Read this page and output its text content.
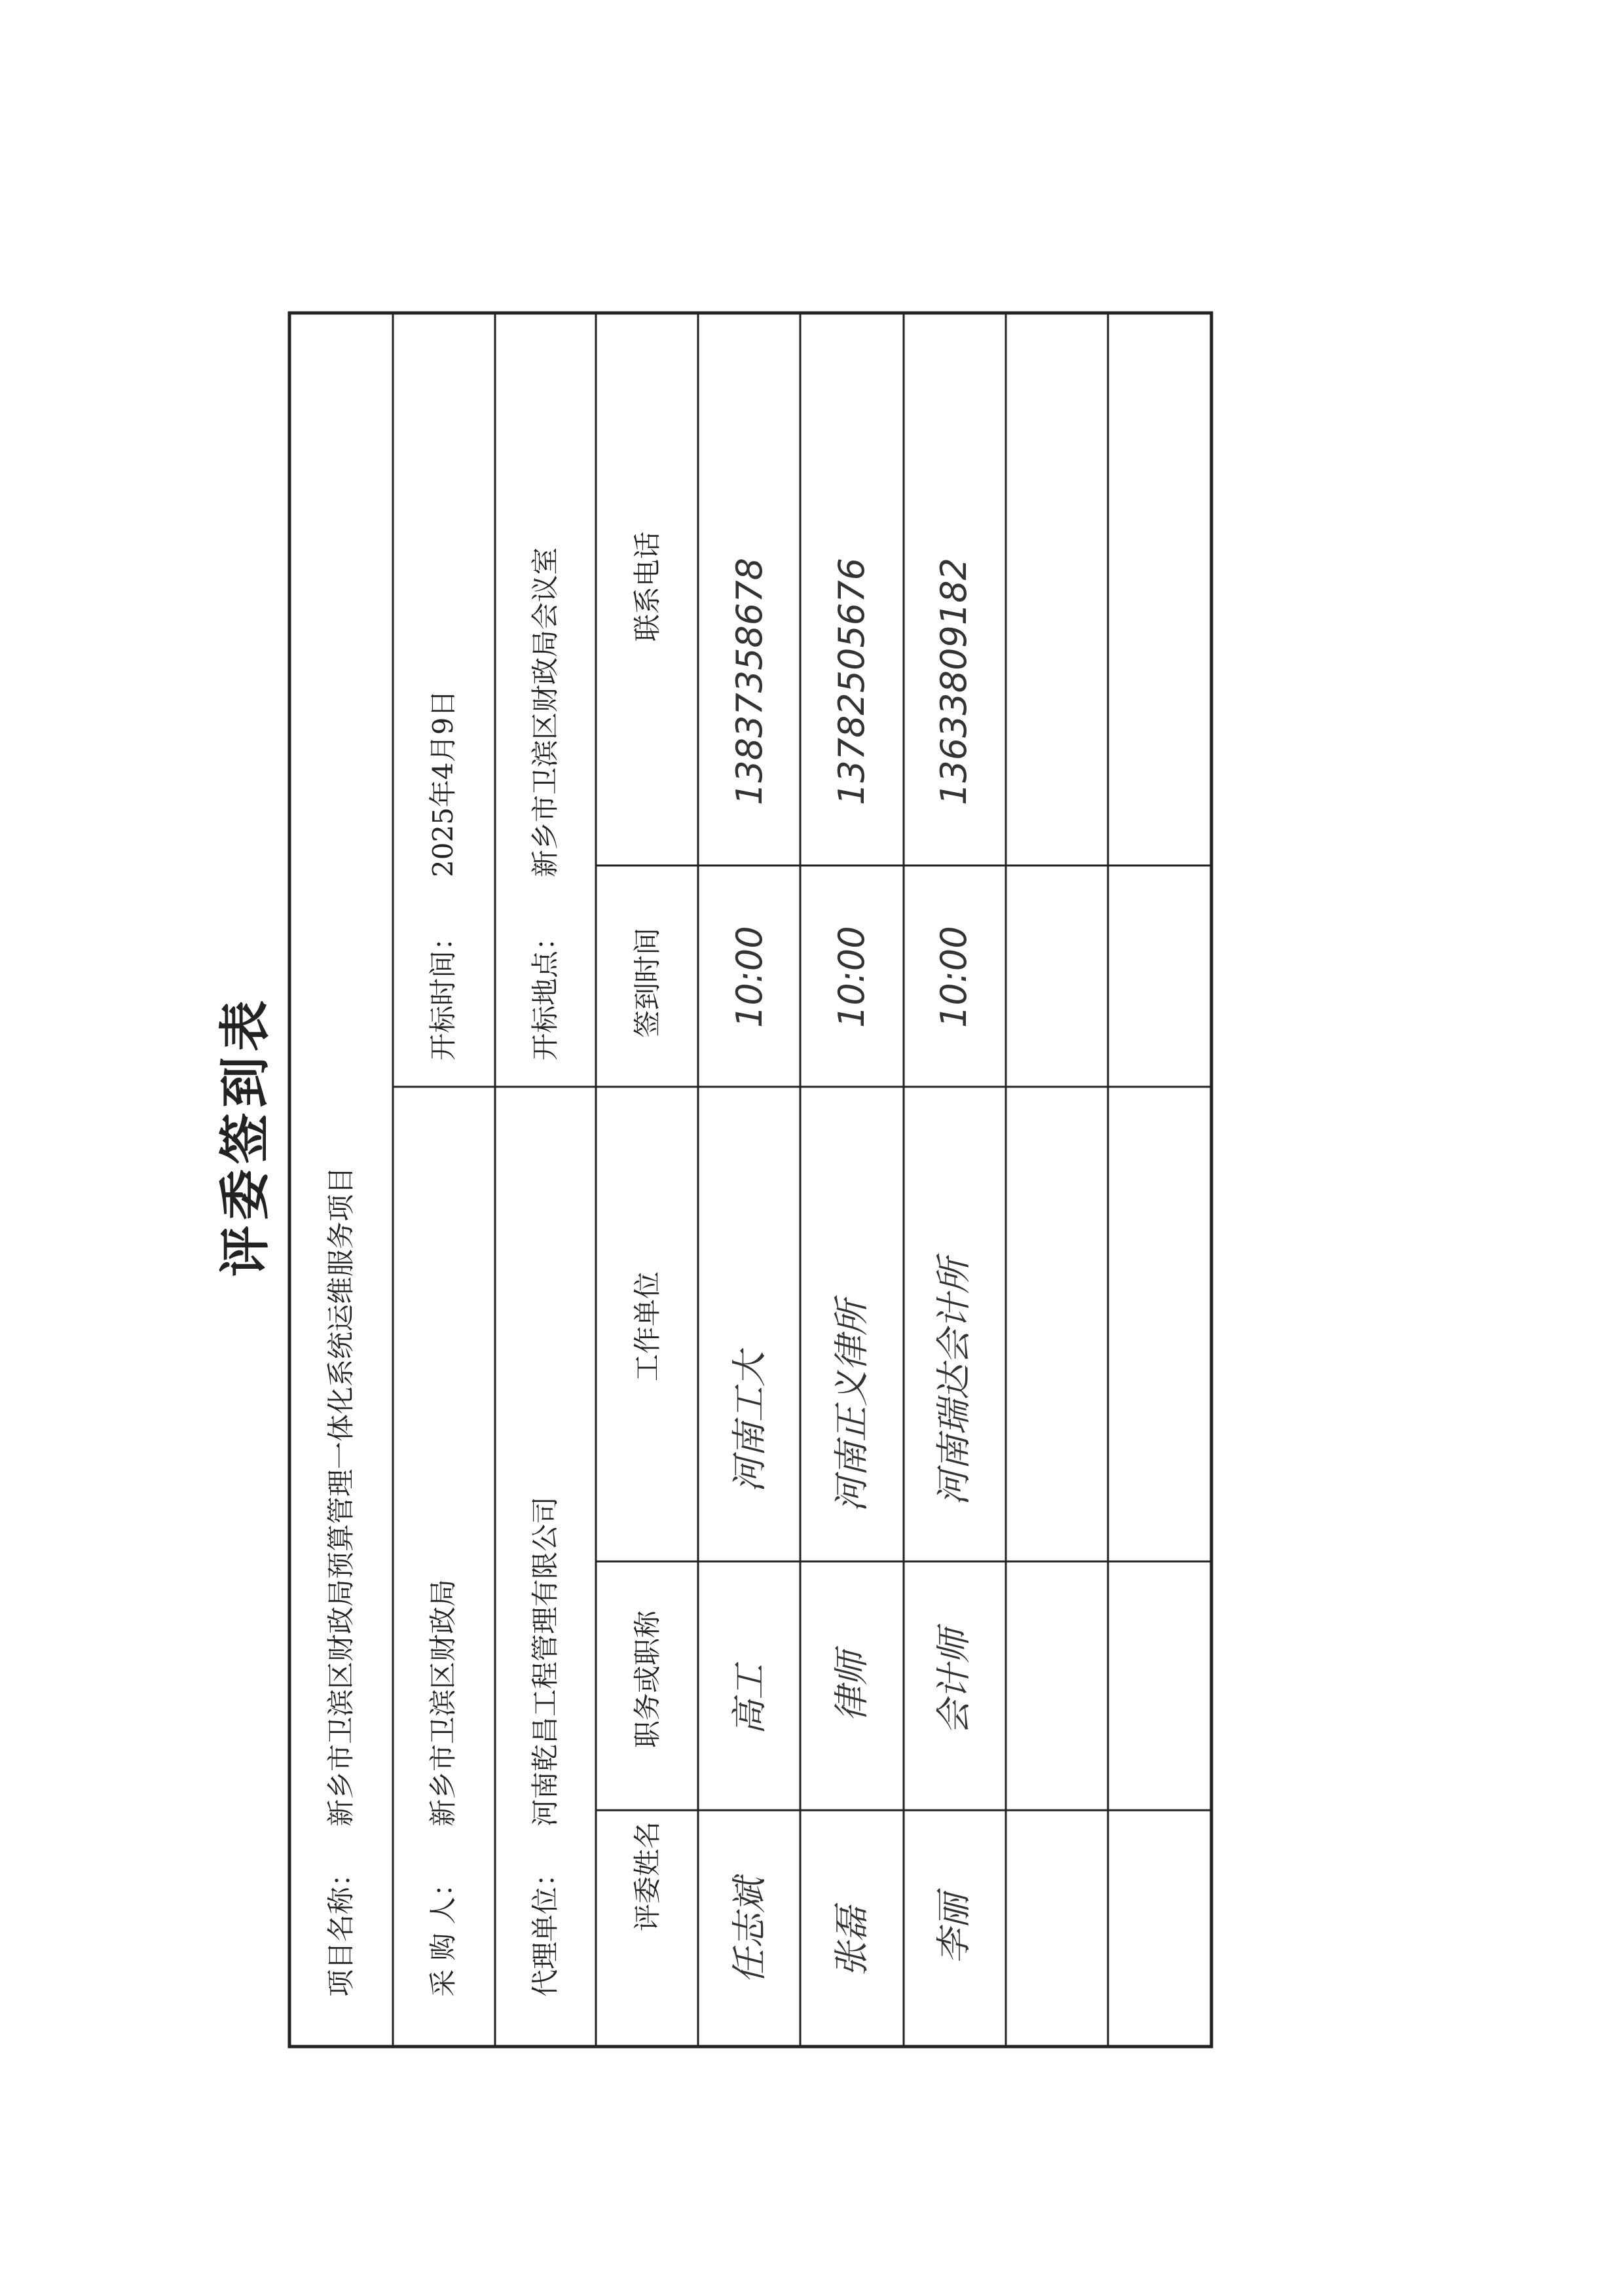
评委签到表
项目名称：
新乡市卫滨区财政局预算管理一体化系统运维服务项目
采 购 人：
新乡市卫滨区财政局
开标时间：
2025年4月9日
代理单位：
河南乾昌工程管理有限公司
开标地点：
新乡市卫滨区财政局会议室
评委姓名
职务或职称
工作单位
签到时间
联系电话
任志斌
高工
河南工大
10:00
13837358678
张磊
律师
河南正义律所
10:00
13782505676
李丽
会计师
河南瑞达会计所
10:00
13633809182
